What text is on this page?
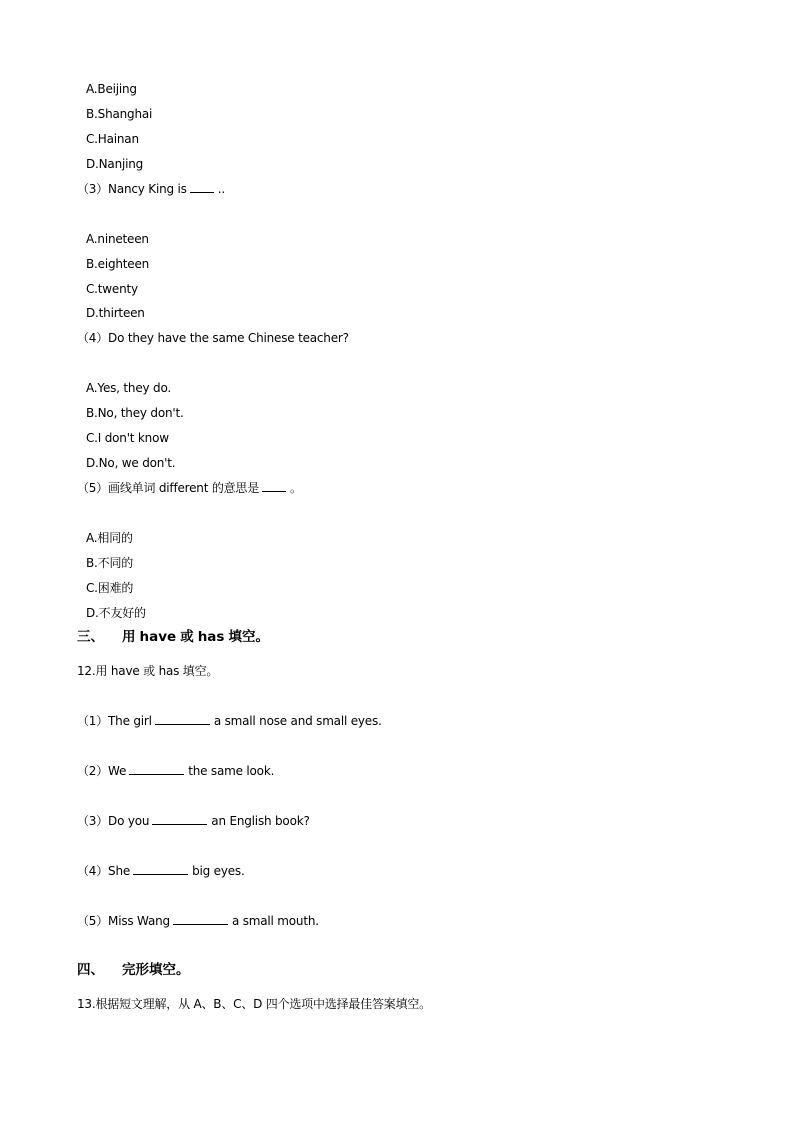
A.Beijing
B.Shanghai
C.Hainan
D.Nanjing
（3）Nancy King is	..
A.nineteen
B.eighteen
C.twenty
D.thirteen
（4）Do they have the same Chinese teacher?
A.Yes, they do.
B.No, they don't.
C.I don't know
D.No, we don't.
（5）画线单词 different 的意思是	。
A.相同的
B.不同的
C.困难的
D.不友好的
三、 用 have 或 has 填空。
12.用 have 或 has 填空。
（1）The girl	a small nose and small eyes.
（2）We	the same look.
（3）Do you	an English book?
（4）She	big eyes.
（5）Miss Wang	a small mouth.
四、 完形填空。
13.根据短文理解，从 A、B、C、D 四个选项中选择最佳答案填空。
